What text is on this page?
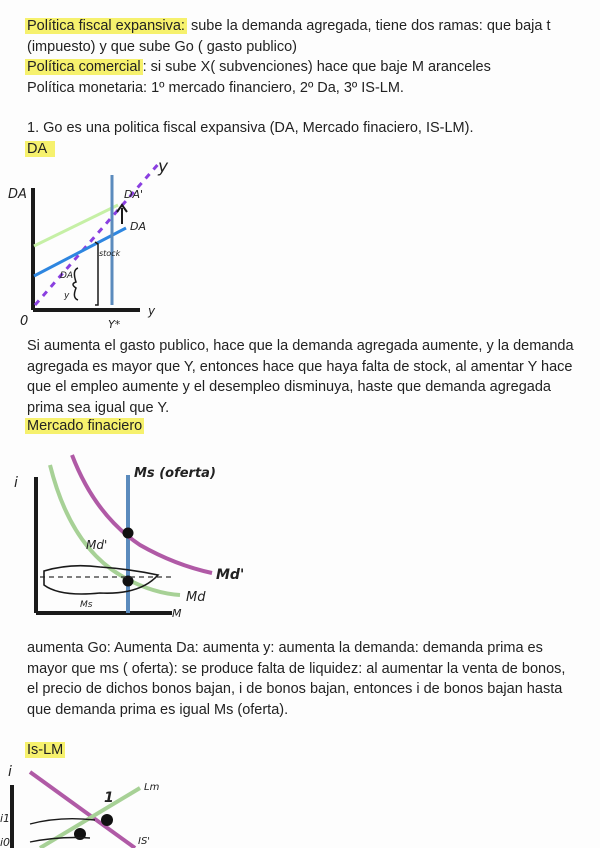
Política fiscal expansiva: sube la demanda agregada, tiene dos ramas: que baja t
(impuesto) y que sube Go ( gasto publico)
Política comercial : si sube X( subvenciones) hace que baje M aranceles
Política monetaria: 1º mercado financiero, 2º Da, 3º IS-LM.
1. Go es una politica fiscal expansiva (DA, Mercado finaciero, IS-LM).
DA
DA
0
y
y
DA'
DA
Y*
DA
y
stock
Si aumenta el gasto publico, hace que la demanda agregada aumente, y la demanda agregada es mayor que Y, entonces hace que haya falta de stock, al amentar Y hace que el empleo aumente y el desempleo disminuya, haste que demanda agregada prima sea igual que Y.
Mercado finaciero
i
M
Ms (oferta)
Md'
Md
Md'
Ms
aumenta Go: Aumenta Da: aumenta y: aumenta la demanda: demanda prima es mayor que ms ( oferta): se produce falta de liquidez: al aumentar la venta de bonos, el precio de dichos bonos bajan, i de bonos bajan, entonces i de bonos bajan hasta que demanda prima es igual Ms (oferta).
Is-LM
i
i1
i0
Lm
1
IS'
